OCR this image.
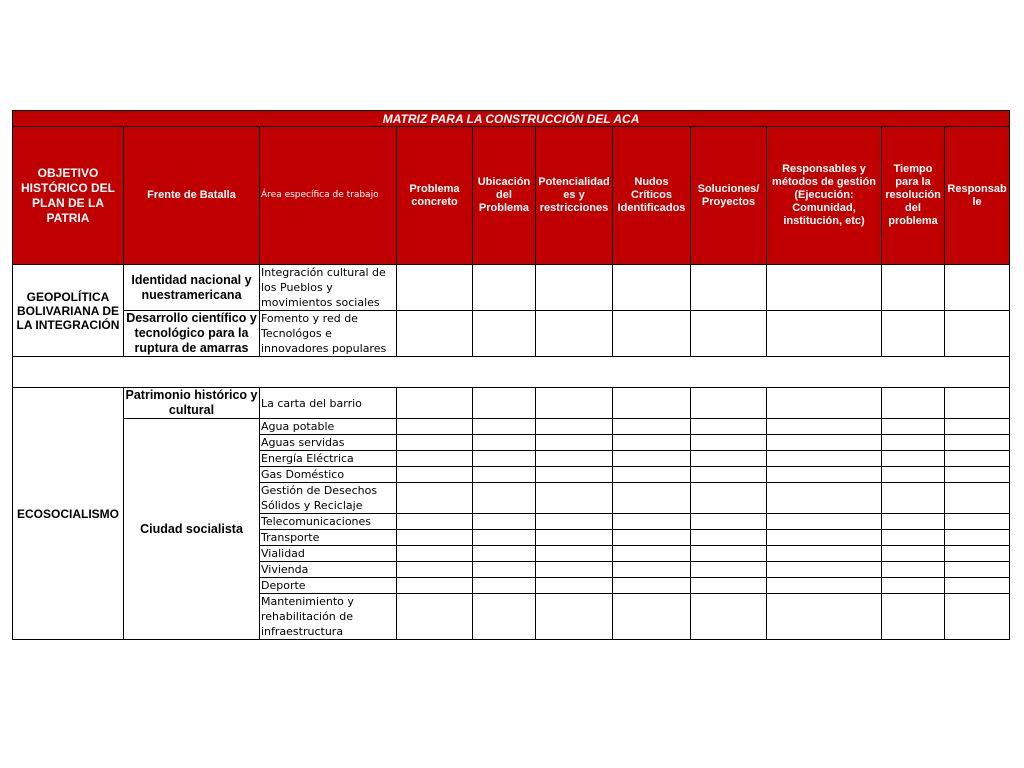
MATRIZ PARA LA CONSTRUCCIÓN DEL ACA										
OBJETIVO HISTÓRICO DEL PLAN DE LA PATRIA	Frente de Batalla	Área específica de trabajo	Problema concreto	Ubicación del Problema	Potencialidad es y restricciones	Nudos Críticos Identificados	Soluciones/ Proyectos	Responsables y métodos de gestión (Ejecución: Comunidad, institución, etc)	Tiempo para la resolución del problema	Responsab le
GEOPOLÍTICA BOLIVARIANA DE LA INTEGRACIÓN	Identidad nacional y nuestramericana	Integración cultural de los Pueblos y movimientos sociales								
	Desarrollo científico y tecnológico para la ruptura de amarras	Fomento y red de Tecnológos e innovadores populares								

ECOSOCIALISMO	Patrimonio histórico y cultural	La carta del barrio								
	Ciudad socialista	Agua potable								
		Aguas servidas								
		Energía Eléctrica								
		Gas Doméstico								
		Gestión de Desechos Sólidos y Reciclaje								
		Telecomunicaciones								
		Transporte								
		Vialidad								
		Vivienda								
		Deporte								
		Mantenimiento y rehabilitación de infraestructura								
